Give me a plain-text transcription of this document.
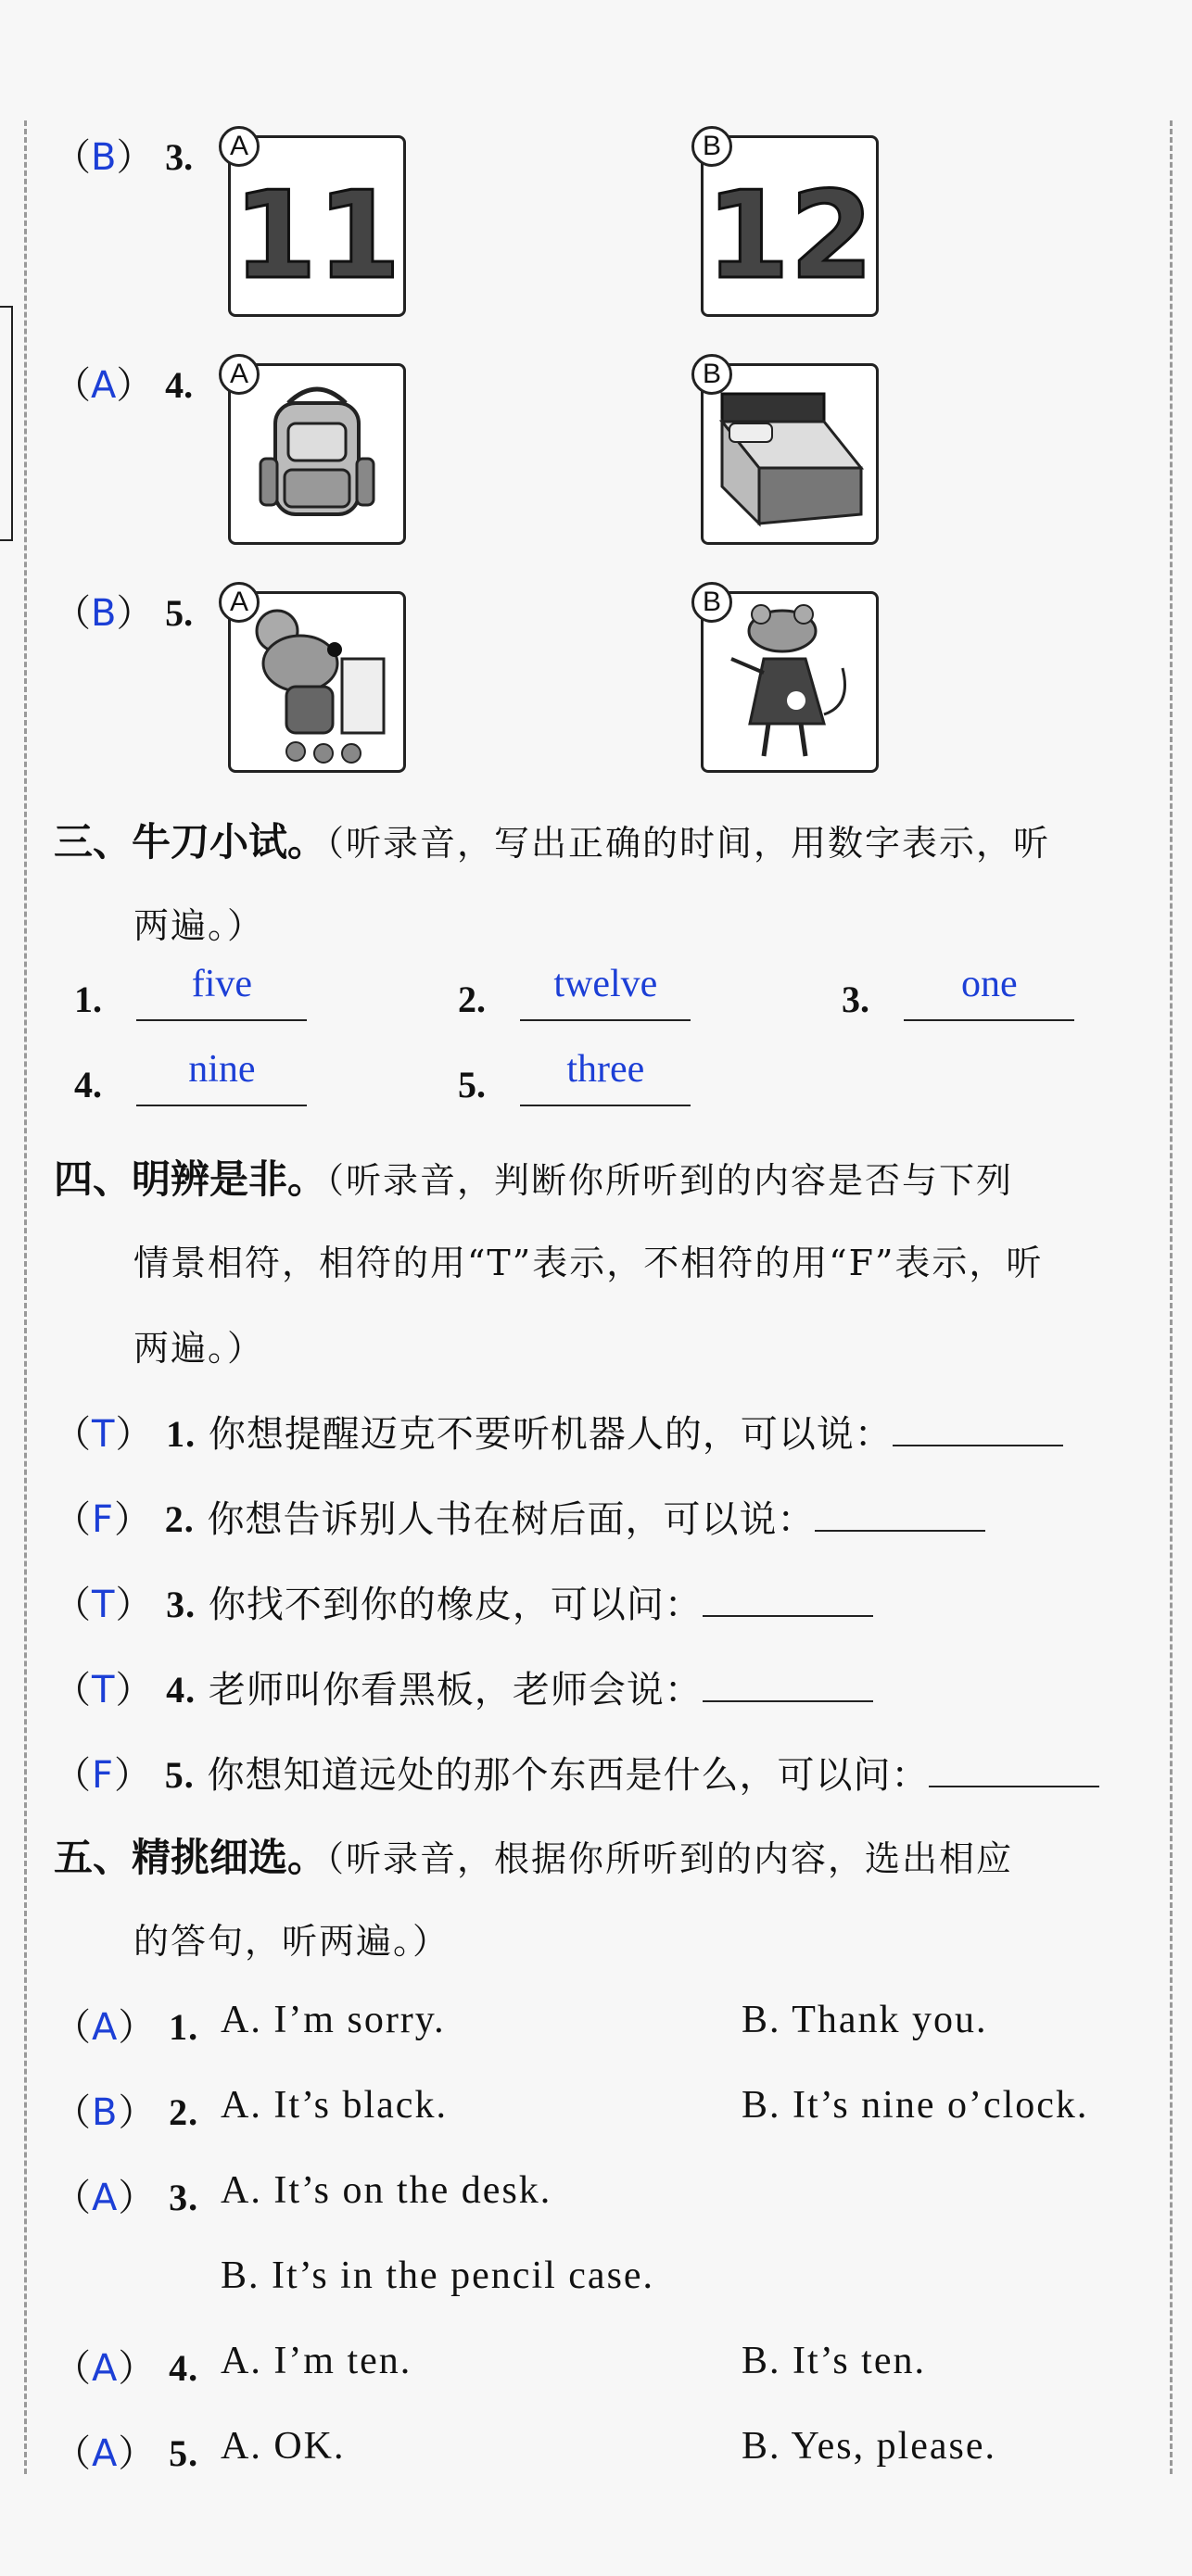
（B） 3.
11
A
12
B
（A） 4.	A	B
（B） 5.	A	B
三、牛刀小试。（听录音，写出正确的时间，用数字表示，听
两遍。）
1. five	2. twelve	3. one
4. nine	5. three
四、明辨是非。（听录音，判断你所听到的内容是否与下列
情景相符，相符的用“T”表示，不相符的用“F”表示，听
两遍。）
（T） 1. 你想提醒迈克不要听机器人的，可以说：
（F） 2. 你想告诉别人书在树后面，可以说：
（T） 3. 你找不到你的橡皮，可以问：
（T） 4. 老师叫你看黑板，老师会说：
（F） 5. 你想知道远处的那个东西是什么，可以问：
五、精挑细选。（听录音，根据你所听到的内容，选出相应
的答句，听两遍。）
（A） 1. A. I’m sorry.	B. Thank you.
（B） 2. A. It’s black.	B. It’s nine o’clock.
（A） 3. A. It’s on the desk.
B. It’s in the pencil case.
（A） 4. A. I’m ten.	B. It’s ten.
（A） 5. A. OK.	B. Yes, please.
